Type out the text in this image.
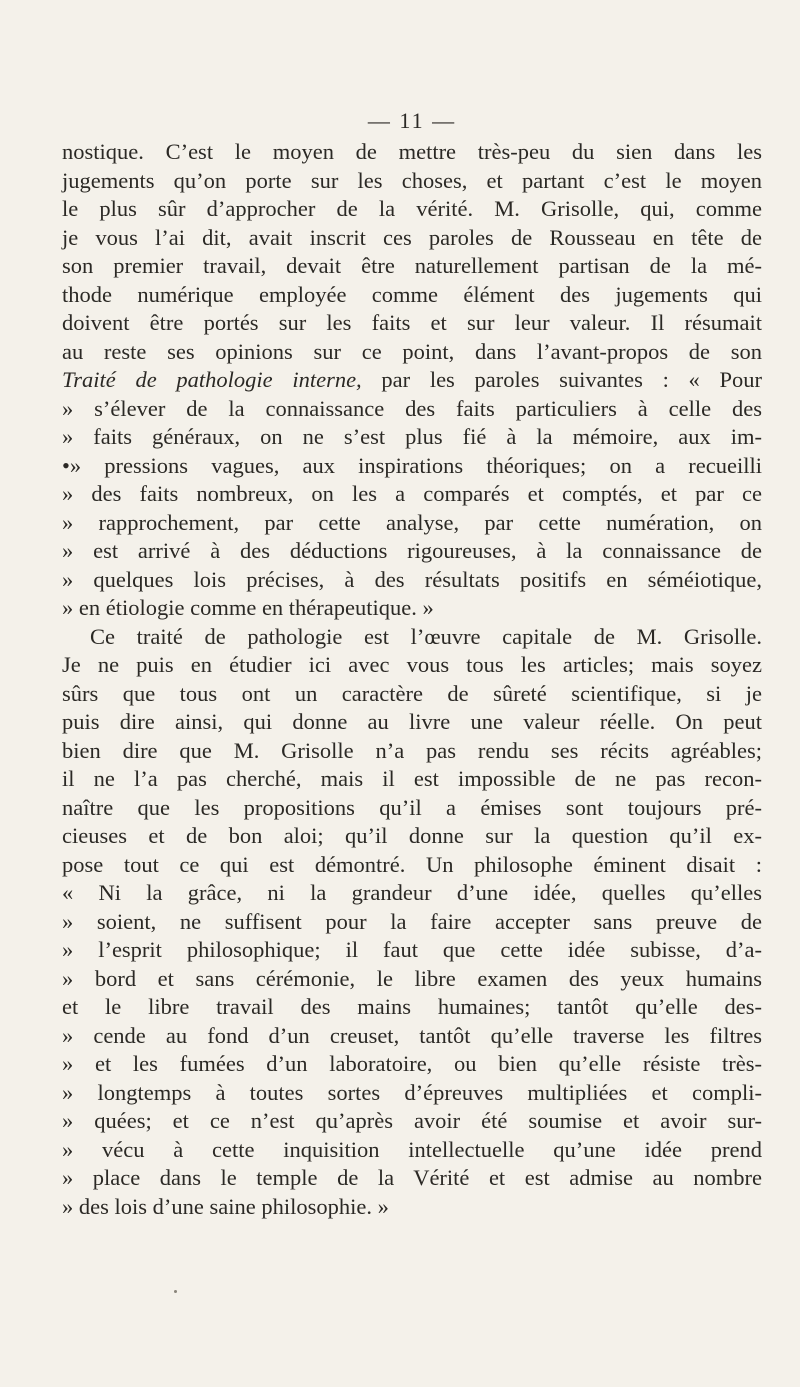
— 11 —
nostique. C’est le moyen de mettre très-peu du sien dans les
jugements qu’on porte sur les choses, et partant c’est le moyen
le plus sûr d’approcher de la vérité. M. Grisolle, qui, comme
je vous l’ai dit, avait inscrit ces paroles de Rousseau en tête de
son premier travail, devait être naturellement partisan de la mé-
thode numérique employée comme élément des jugements qui
doivent être portés sur les faits et sur leur valeur. Il résumait
au reste ses opinions sur ce point, dans l’avant-propos de son
Traité de pathologie interne, par les paroles suivantes : « Pour
» s’élever de la connaissance des faits particuliers à celle des
» faits généraux, on ne s’est plus fié à la mémoire, aux im-
•» pressions vagues, aux inspirations théoriques; on a recueilli
» des faits nombreux, on les a comparés et comptés, et par ce
» rapprochement, par cette analyse, par cette numération, on
» est arrivé à des déductions rigoureuses, à la connaissance de
» quelques lois précises, à des résultats positifs en séméiotique,
» en étiologie comme en thérapeutique. »
Ce traité de pathologie est l’œuvre capitale de M. Grisolle.
Je ne puis en étudier ici avec vous tous les articles; mais soyez
sûrs que tous ont un caractère de sûreté scientifique, si je
puis dire ainsi, qui donne au livre une valeur réelle. On peut
bien dire que M. Grisolle n’a pas rendu ses récits agréables;
il ne l’a pas cherché, mais il est impossible de ne pas recon-
naître que les propositions qu’il a émises sont toujours pré-
cieuses et de bon aloi; qu’il donne sur la question qu’il ex-
pose tout ce qui est démontré. Un philosophe éminent disait :
« Ni la grâce, ni la grandeur d’une idée, quelles qu’elles
» soient, ne suffisent pour la faire accepter sans preuve de
» l’esprit philosophique; il faut que cette idée subisse, d’a-
» bord et sans cérémonie, le libre examen des yeux humains
et le libre travail des mains humaines; tantôt qu’elle des-
» cende au fond d’un creuset, tantôt qu’elle traverse les filtres
» et les fumées d’un laboratoire, ou bien qu’elle résiste très-
» longtemps à toutes sortes d’épreuves multipliées et compli-
» quées; et ce n’est qu’après avoir été soumise et avoir sur-
» vécu à cette inquisition intellectuelle qu’une idée prend
» place dans le temple de la Vérité et est admise au nombre
» des lois d’une saine philosophie. »
